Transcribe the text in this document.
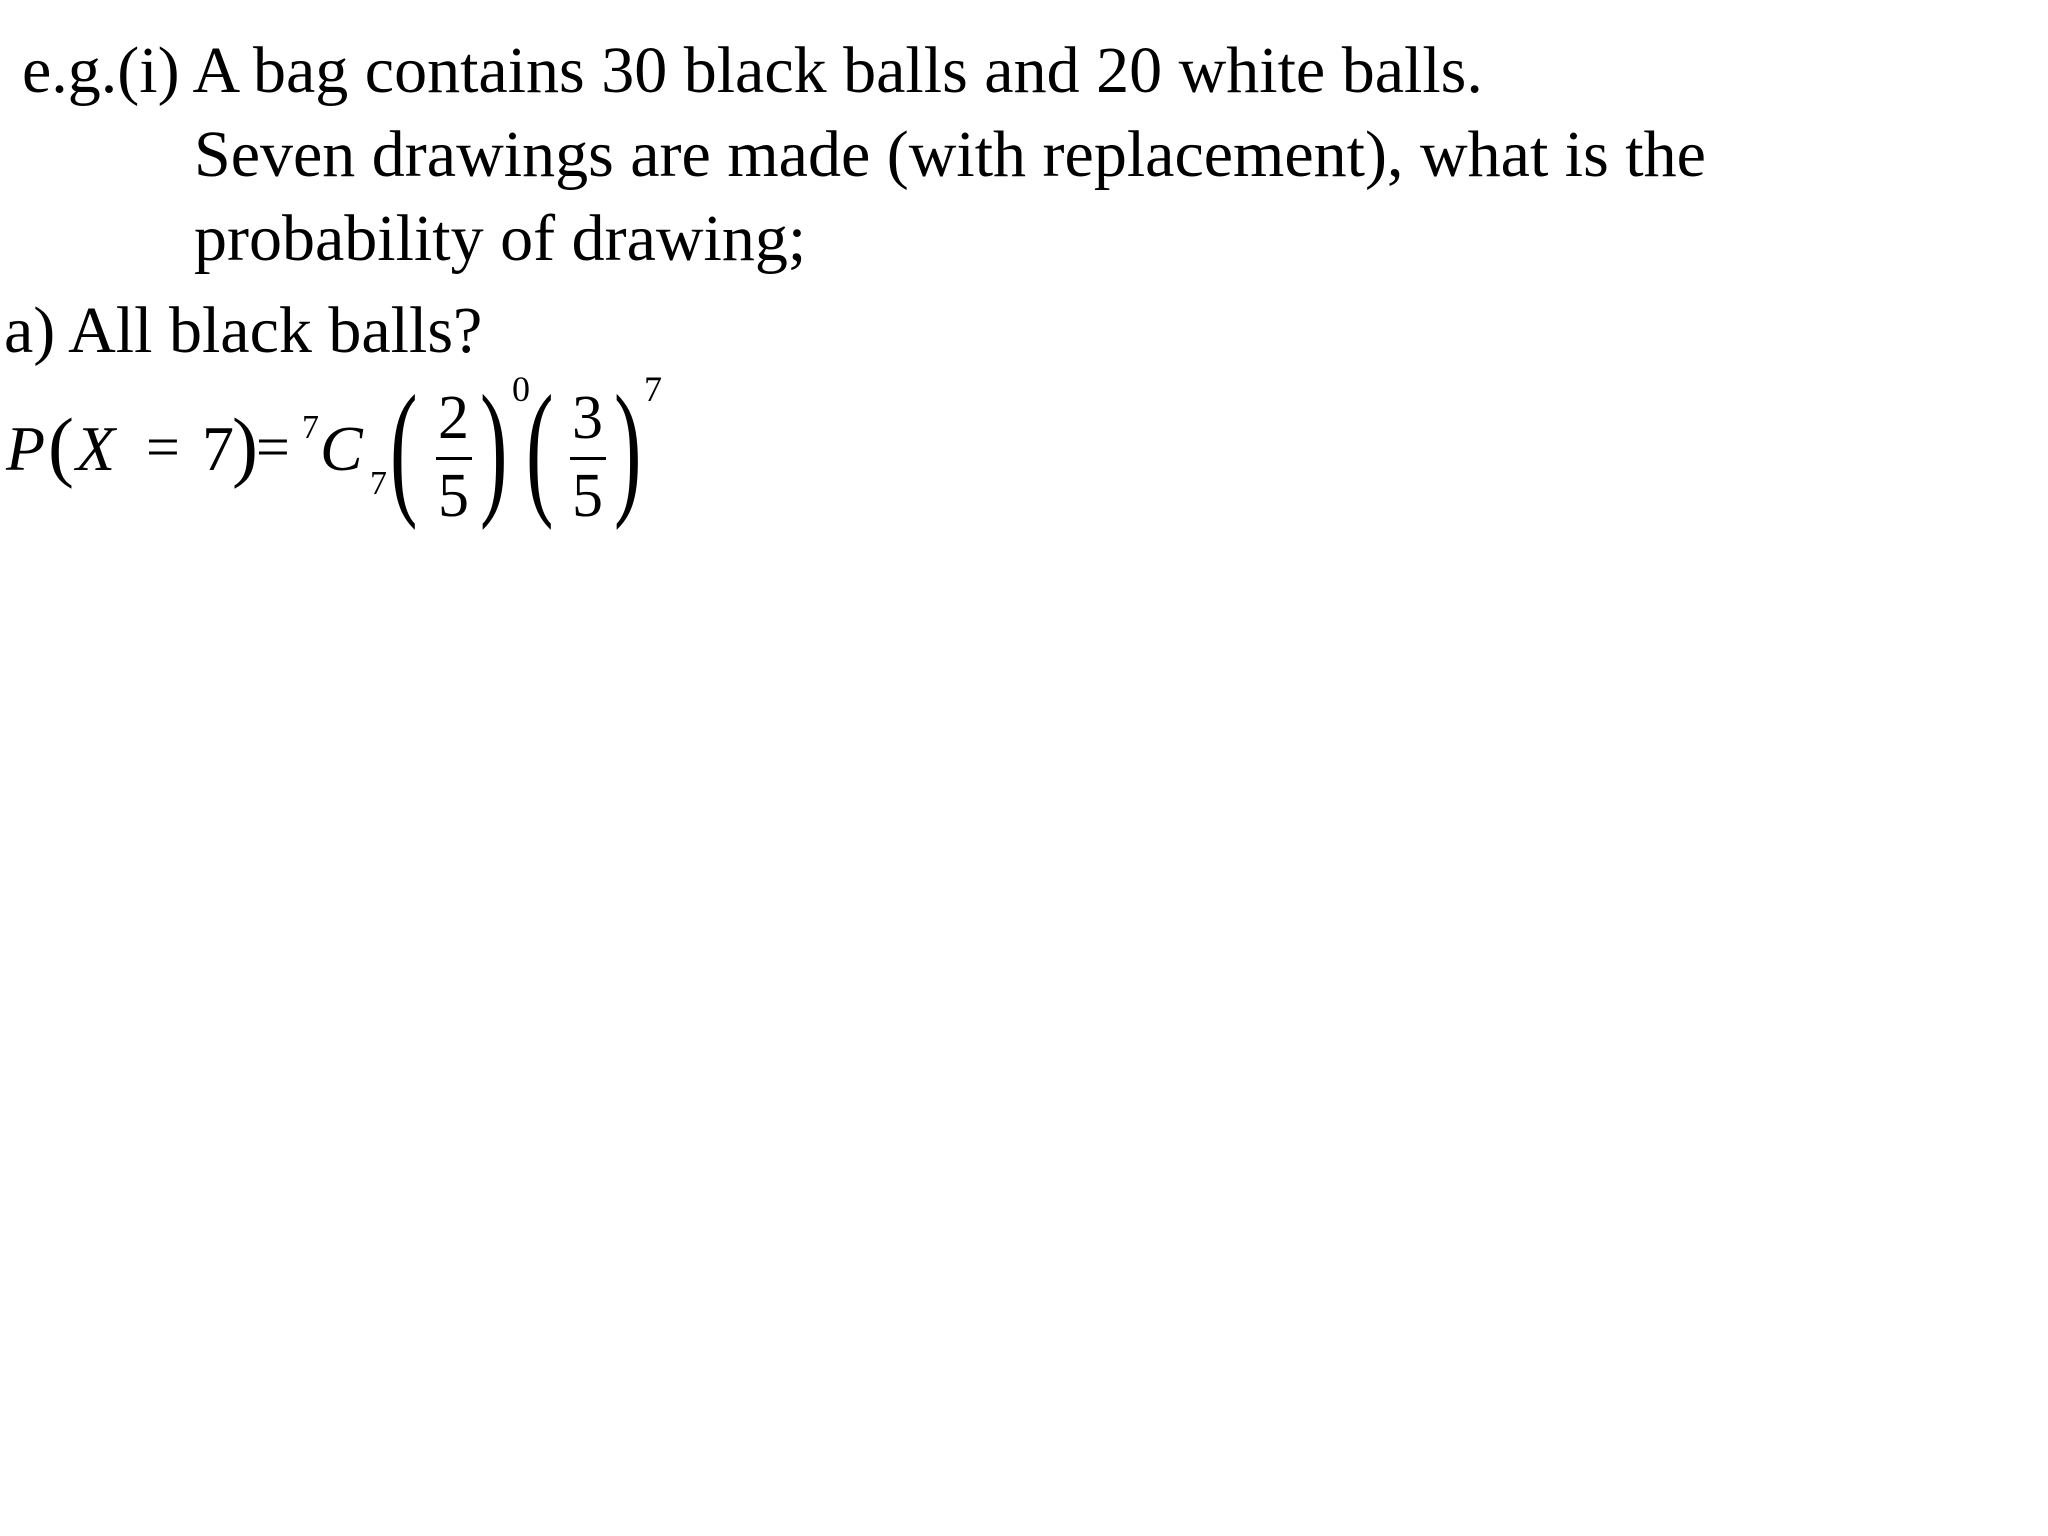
e.g.(i) A bag contains 30 black balls and 20 white balls.
Seven drawings are made (with replacement), what is the
probability of drawing;
a) All black balls?
P ( X = 7
)
= 7 C 7 ( 2
5 ) 0
( 3
5 ) 7
